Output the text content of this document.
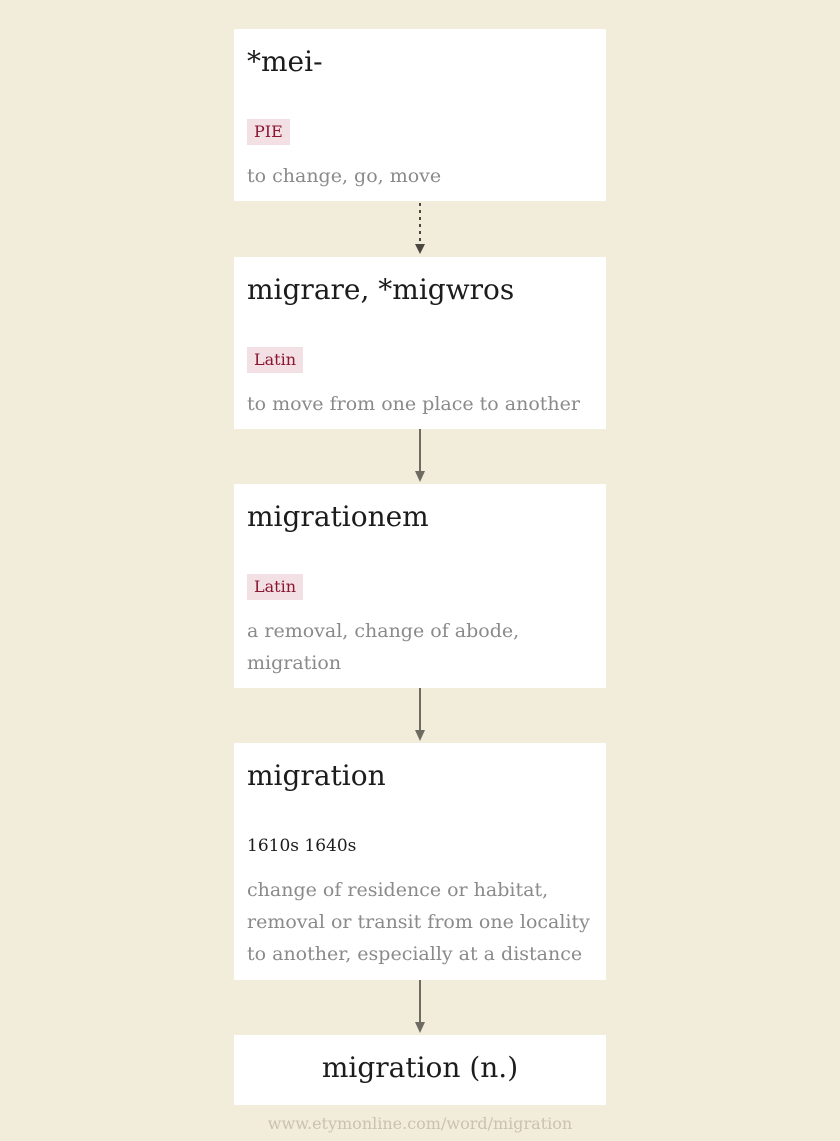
*mei-
PIE
to change, go, move
migrare, *migwros
Latin
to move from one place to another
migrationem
Latin
a removal, change of abode, migration
migration
1610s 1640s
change of residence or habitat, removal or transit from one locality to another, especially at a distance
migration (n.)
www.etymonline.com/word/migration
